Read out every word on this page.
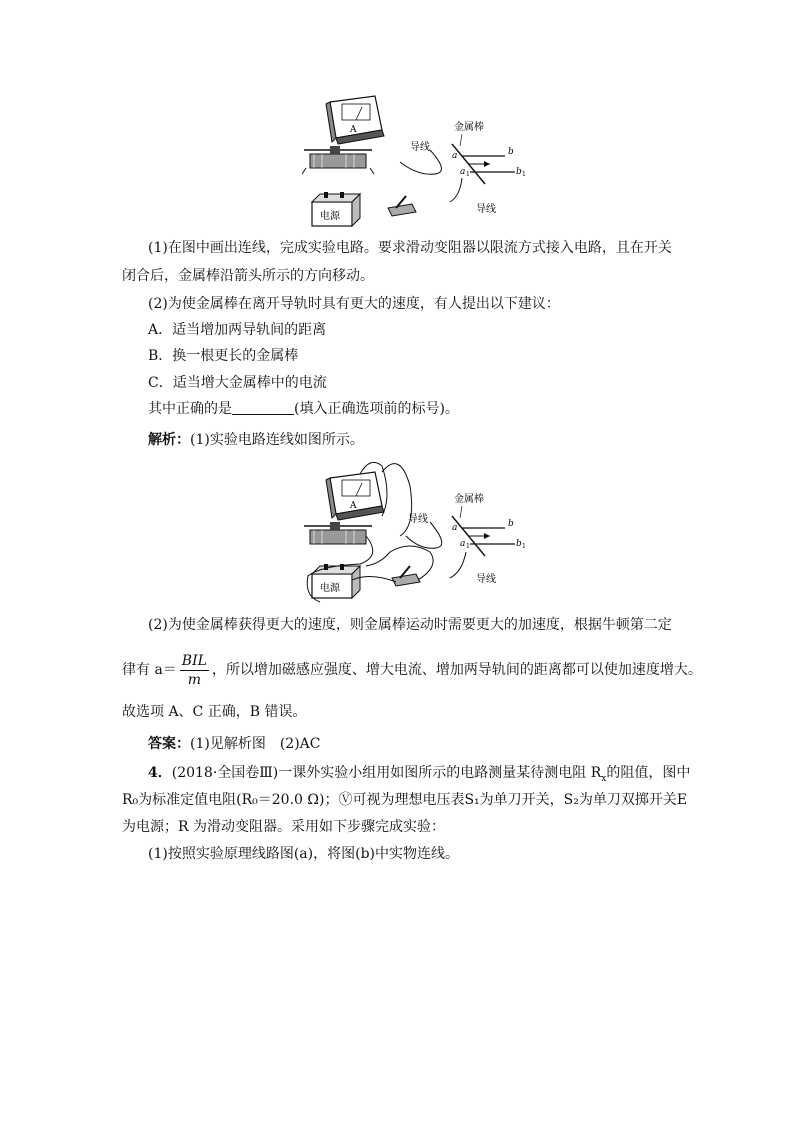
A
电源
金属棒
导线
导线
a	b
a 1	b 1
(1)在图中画出连线，完成实验电路。要求滑动变阻器以限流方式接入电路，且在开关
闭合后，金属棒沿箭头所示的方向移动。
(2)为使金属棒在离开导轨时具有更大的速度，有人提出以下建议：
A．适当增加两导轨间的距离
B．换一根更长的金属棒
C．适当增大金属棒中的电流
其中正确的是	(填入正确选项前的标号)。
解析：(1)实验电路连线如图所示。
A
电源
金属棒
导线
导线
a	b
a 1	b 1
(2)为使金属棒获得更大的速度，则金属棒运动时需要更大的加速度，根据牛顿第二定
律有 $a= \frac{\text{BIL}}{m}$ ，所以增加磁感应强度、增大电流、增加两导轨间的距离都可以使加速度增大。
故选项 A、C 正确，B 错误。
答案：(1)见解析图　(2)AC
4．(2018·全国卷Ⅲ)一课外实验小组用如图所示的电路测量某待测电阻 $R_x$的阻值，图中
R₀为标准定值电阻(R₀＝20.0 Ω)；Ⓥ可视为理想电压表S₁为单刀开关，S₂为单刀双掷开关E
为电源；R 为滑动变阻器。采用如下步骤完成实验：
(1)按照实验原理线路图(a)，将图(b)中实物连线。
